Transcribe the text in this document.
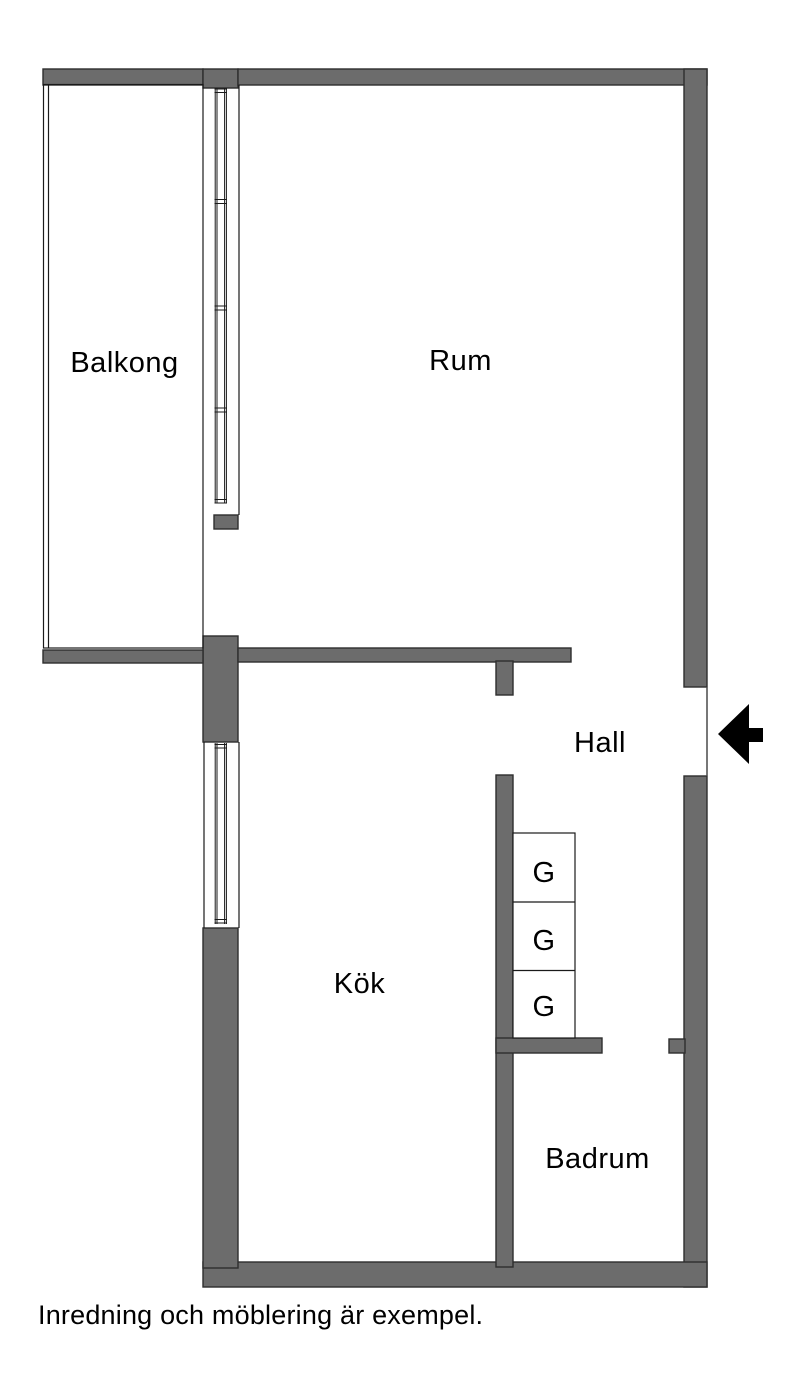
Balkong	Rum
Hall
Kök
Badrum
G
G
G
Inredning och möblering är exempel.
